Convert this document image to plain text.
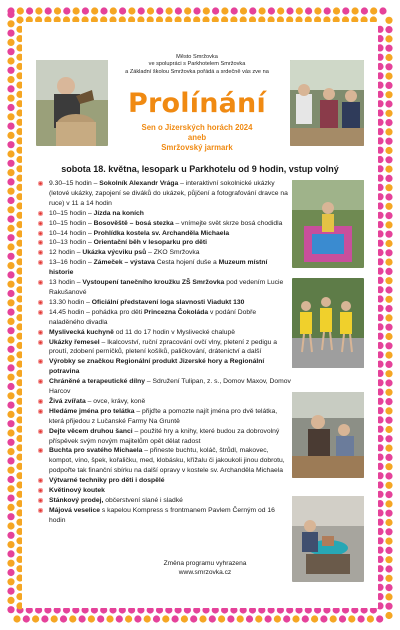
Město Smržovka
ve spolupráci s Parkhotelem Smržovka
a Základní školou Smržovka pořádá a srdečně vás zve na
Prolínání
Sen o Jizerských horách 2024
aneb
Smržovský jarmark
sobota 18. května, lesopark u Parkhotelu od 9 hodin, vstup volný
9.30–15 hodin – Sokolník Alexandr Vrága – interaktivní sokolnické ukázky (letové ukázky, zapojení se diváků do ukázek, půjčení a fotografování dravce na ruce) v 11 a 14 hodin
10–15 hodin – Jízda na koních
10–15 hodin – Bosověště – bosá stezka – vnímejte svět skrze bosá chodidla
10–14 hodin – Prohlídka kostela sv. Archanděla Michaela
10–13 hodin – Orientační běh v lesoparku pro děti
12 hodin – Ukázka výcviku psů – ZKO Smržovka
13–16 hodin – Zámeček – výstava Cesta hojení duše a Muzeum místní historie
13 hodin – Vystoupení tanečního kroužku ZŠ Smržovka pod vedením Lucie Rakušanové
13.30 hodin – Oficiální představení loga slavnosti Viadukt 130
14.45 hodin – pohádka pro děti Princezna Čokoláda v podání Dobře naladěného divadla
Myslivecká kuchyně od 11 do 17 hodin v Myslivecké chalupě
Ukázky řemesel – Ikalcovství, ruční zpracování ovčí vlny, pletení z pedigu a proutí, zdobení perníčků, pletení košíků, paličkování, drátenictví a další
Výrobky se značkou Regionální produkt Jizerské hory a Regionální potravina
Chráněné a terapeutické dílny – Sdružení Tulipan, z. s., Domov Maxov, Domov Harcov
Živá zvířata – ovce, krávy, koně
Hledáme jména pro telátka – přijďte a pomozte najít jména pro dvě telátka, která přijedou z Lučanské Farmy Na Gruntě
Dejte věcem druhou šanci – použité hry a knihy, které budou za dobrovolný příspěvek svým novým majitelům opět dělat radost
Buchta pro svatého Michaela – přineste buchtu, koláč, štrůdl, makovec, kompot, víno, špek, kořaličku, med, klobásku, křížalu či jakoukoli jinou dobrotu, podpořte tak finanční sbírku na další opravy v kostele sv. Archanděla Michaela
Výtvarné techniky pro děti i dospělé
Květinový koutek
Stánkový prodej, občerstvení slané i sladké
Májová veselice s kapelou Kompress s frontmanem Pavlem Černým od 16 hodin
Změna programu vyhrazena
www.smrzovka.cz
